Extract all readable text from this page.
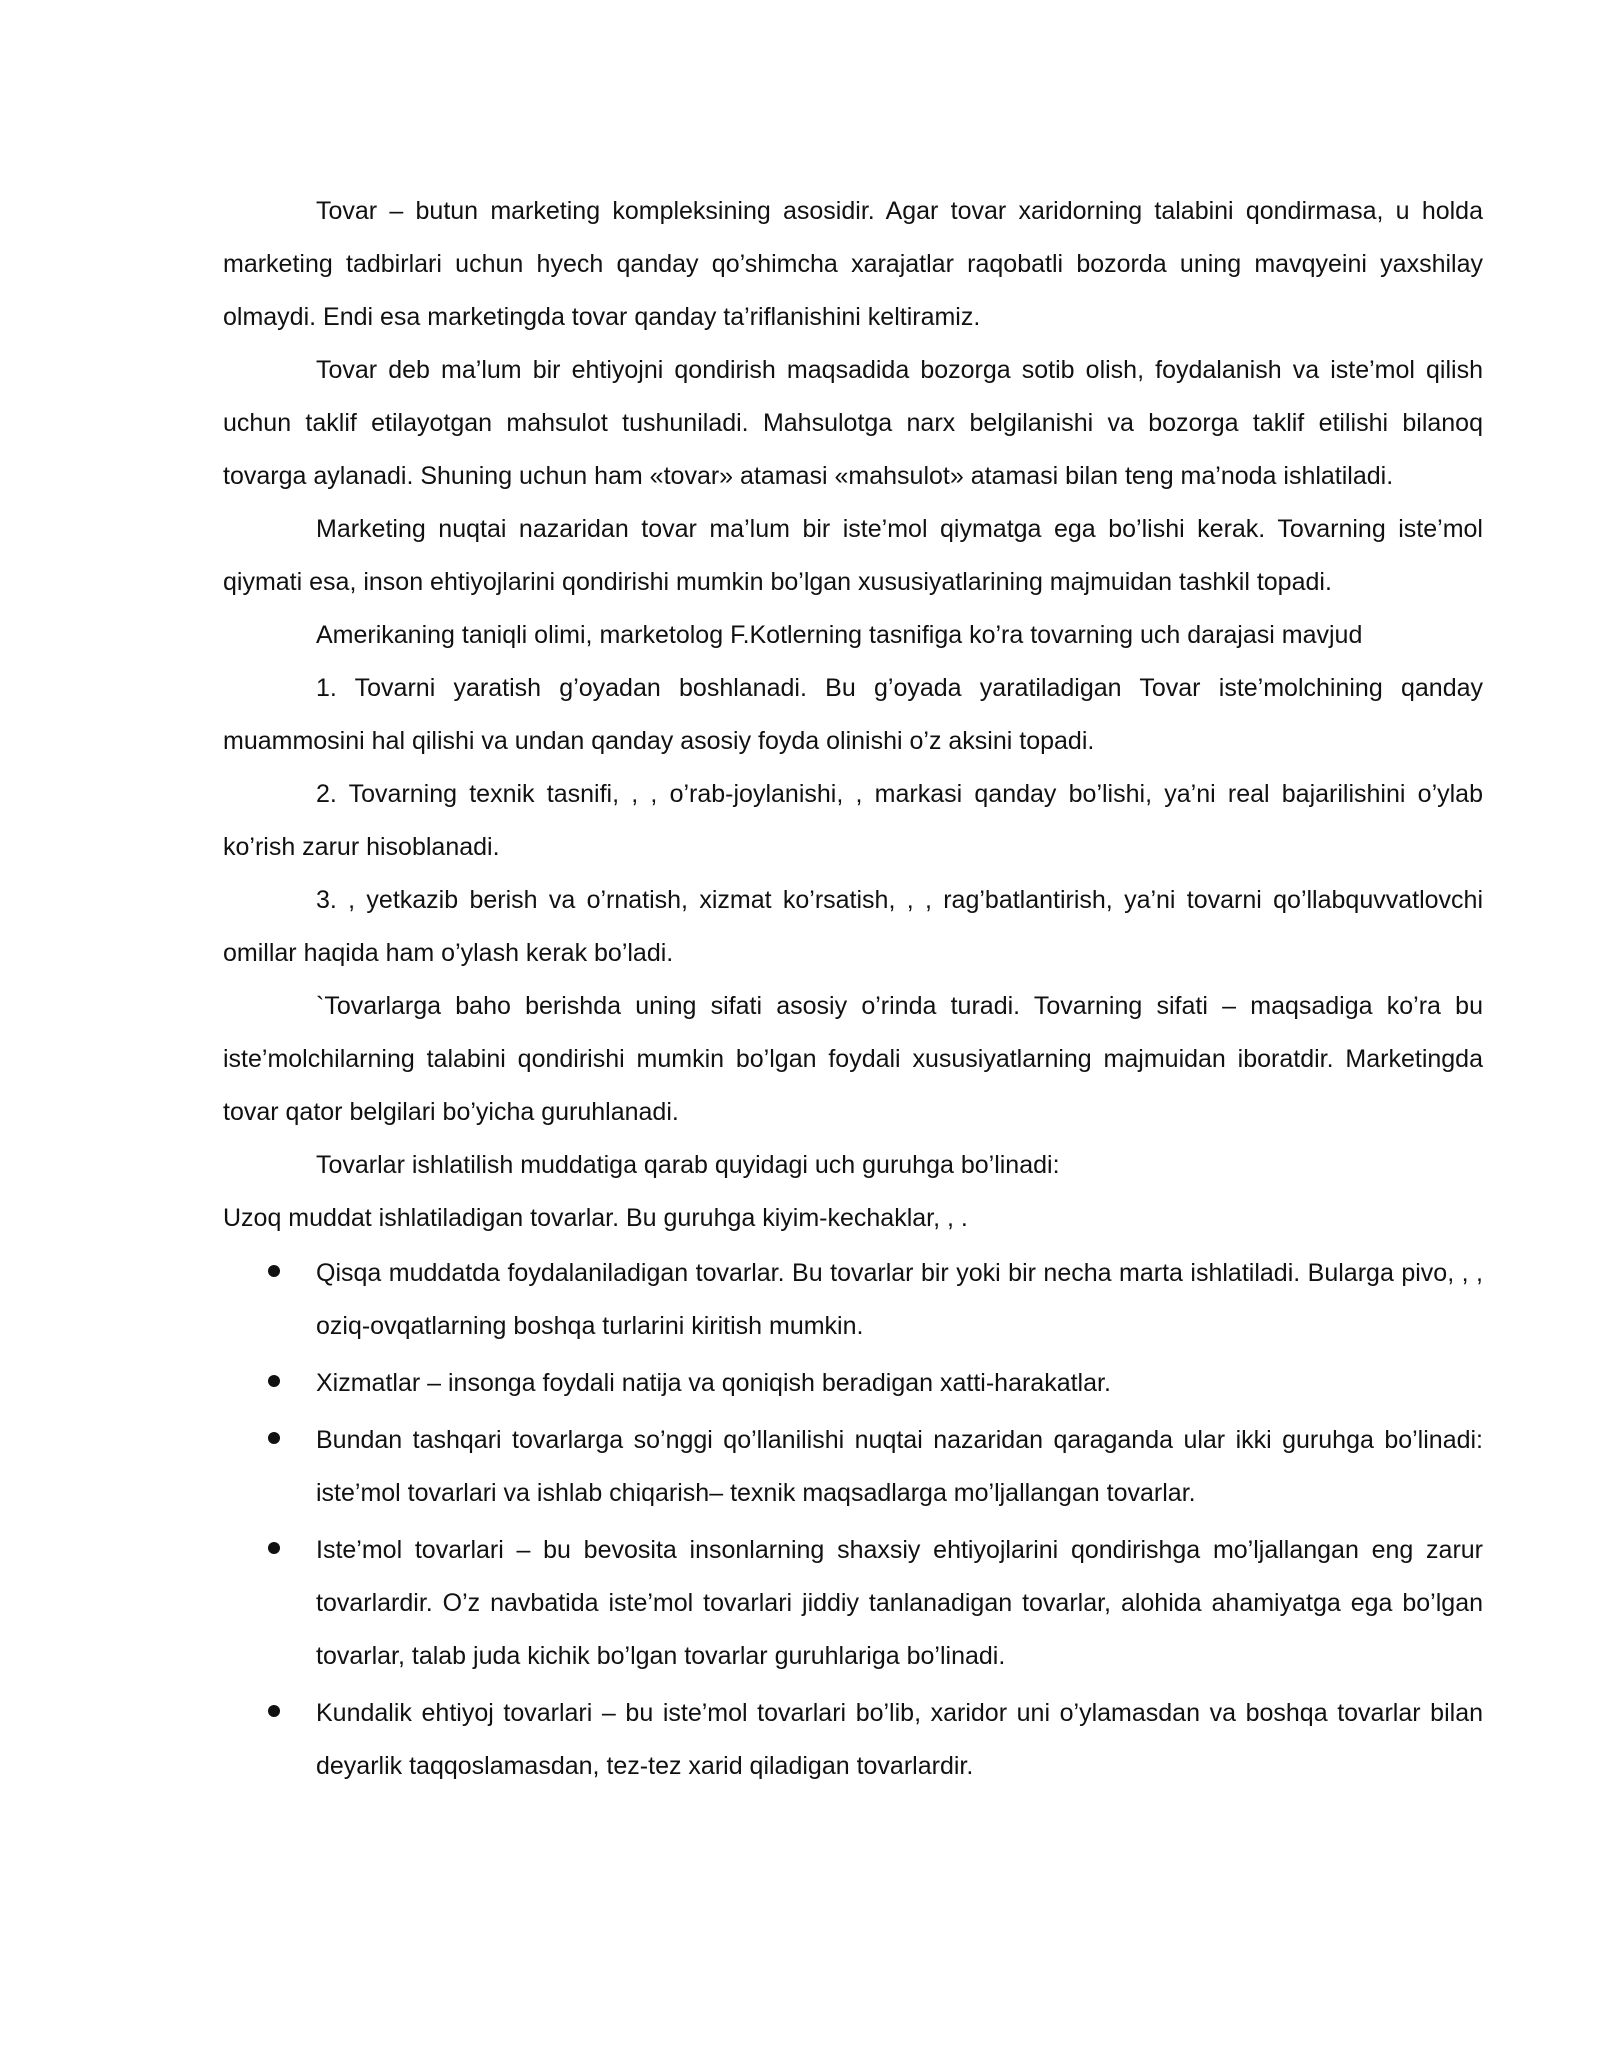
Tovar – butun marketing kompleksining asosidir. Agar tovar xaridorning talabini qondirmasa, u holda marketing tadbirlari uchun hyech qanday qo’shimcha xarajatlar raqobatli bozorda uning mavqyeini yaxshilay olmaydi. Endi esa marketingda tovar qanday ta’riflanishini keltiramiz.

Tovar deb ma’lum bir ehtiyojni qondirish maqsadida bozorga sotib olish, foydalanish va iste’mol qilish uchun taklif etilayotgan mahsulot tushuniladi. Mahsulotga narx belgilanishi va bozorga taklif etilishi bilanoq tovarga aylanadi. Shuning uchun ham «tovar» atamasi «mahsulot» atamasi bilan teng ma’noda ishlatiladi.

Marketing nuqtai nazaridan tovar ma’lum bir iste’mol qiymatga ega bo’lishi kerak. Tovarning iste’mol qiymati esa, inson ehtiyojlarini qondirishi mumkin bo’lgan xususiyatlarining majmuidan tashkil topadi.

Amerikaning taniqli olimi, marketolog F.Kotlerning tasnifiga ko’ra tovarning uch darajasi mavjud

1. Tovarni yaratish g’oyadan boshlanadi. Bu g’oyada yaratiladigan Tovar iste’molchining qanday muammosini hal qilishi va undan qanday asosiy foyda olinishi o’z aksini topadi.

2. Tovarning texnik tasnifi, , , o’rab-joylanishi, , markasi qanday bo’lishi, ya’ni real bajarilishini o’ylab ko’rish zarur hisoblanadi.

3. , yetkazib berish va o’rnatish, xizmat ko’rsatish, , , rag’batlantirish, ya’ni tovarni qo’llabquvvatlovchi omillar haqida ham o’ylash kerak bo’ladi.

`Tovarlarga baho berishda uning sifati asosiy o’rinda turadi. Tovarning sifati – maqsadiga ko’ra bu iste’molchilarning talabini qondirishi mumkin bo’lgan foydali xususiyatlarning majmuidan iboratdir. Marketingda tovar qator belgilari bo’yicha guruhlanadi.

Tovarlar ishlatilish muddatiga qarab quyidagi uch guruhga bo’linadi:

Uzoq muddat ishlatiladigan tovarlar. Bu guruhga kiyim-kechaklar, , .

Qisqa muddatda foydalaniladigan tovarlar. Bu tovarlar bir yoki bir necha marta ishlatiladi. Bularga pivo, , , oziq-ovqatlarning boshqa turlarini kiritish mumkin.
Xizmatlar – insonga foydali natija va qoniqish beradigan xatti-harakatlar.
Bundan tashqari tovarlarga so’nggi qo’llanilishi nuqtai nazaridan qaraganda ular ikki guruhga bo’linadi: iste’mol tovarlari va ishlab chiqarish– texnik maqsadlarga mo’ljallangan tovarlar.
Iste’mol tovarlari – bu bevosita insonlarning shaxsiy ehtiyojlarini qondirishga mo’ljallangan eng zarur tovarlardir. O’z navbatida iste’mol tovarlari jiddiy tanlanadigan tovarlar, alohida ahamiyatga ega bo’lgan tovarlar, talab juda kichik bo’lgan tovarlar guruhlariga bo’linadi.
Kundalik ehtiyoj tovarlari – bu iste’mol tovarlari bo’lib, xaridor uni o’ylamasdan va boshqa tovarlar bilan deyarlik taqqoslamasdan, tez-tez xarid qiladigan tovarlardir.
